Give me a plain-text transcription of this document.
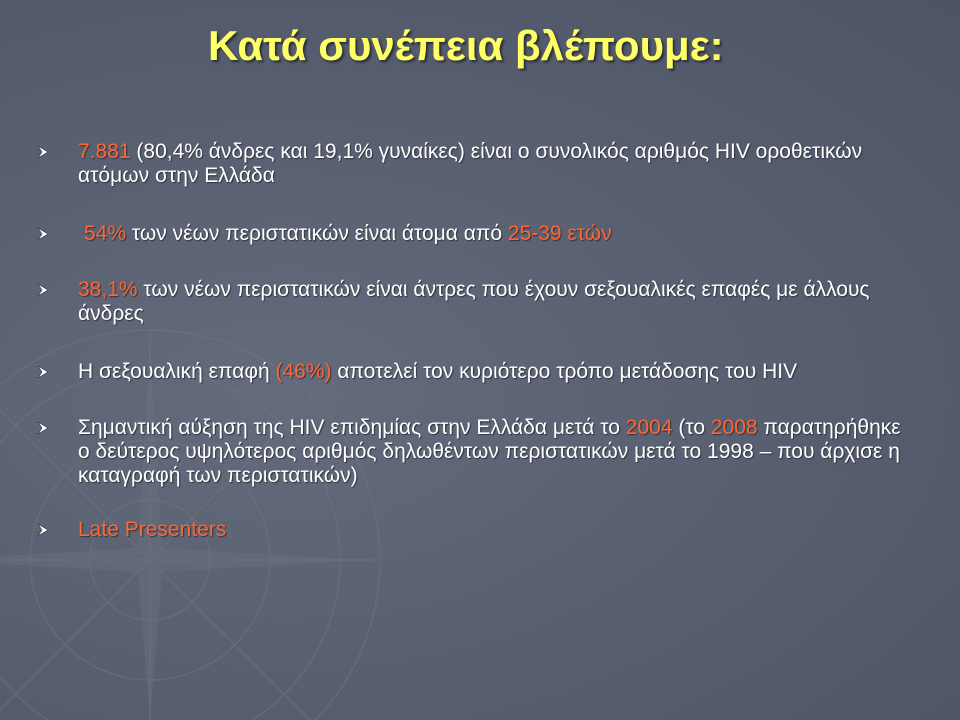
Κατά συνέπεια βλέπουμε:

7.881 (80,4% άνδρες και 19,1% γυναίκες) είναι ο συνολικός αριθμός HIV οροθετικών ατόμων στην Ελλάδα

54% των νέων περιστατικών είναι άτομα από 25-39 ετών

38,1% των νέων περιστατικών είναι άντρες που έχουν σεξουαλικές επαφές με άλλους άνδρες

Η σεξουαλική επαφή (46%) αποτελεί τον κυριότερο τρόπο μετάδοσης του HIV

Σημαντική αύξηση της HIV επιδημίας στην Ελλάδα μετά το 2004 (το 2008 παρατηρήθηκε ο δεύτερος υψηλότερος αριθμός δηλωθέντων περιστατικών μετά το 1998 – που άρχισε η καταγραφή των περιστατικών)

Late Presenters
